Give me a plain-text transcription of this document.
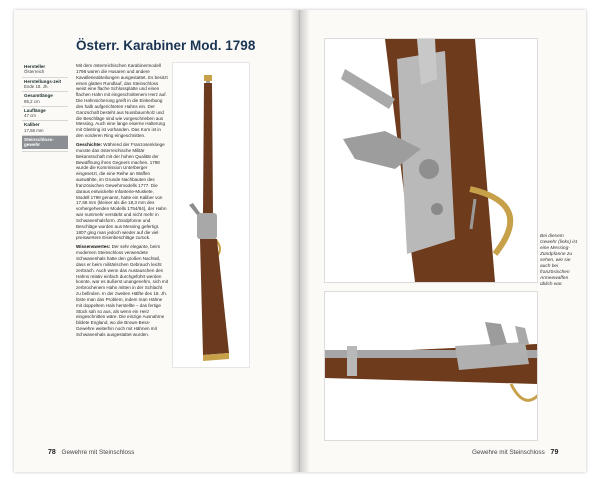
Österr. Karabiner Mod. 1798
Hersteller
Österreich
Herstellungs-zeit
Ende 18. Jh.
Gesamtlänge
85,2 cm
Lauflänge
47 cm
Kaliber
17,68 mm
Steinschloss-gewehr

Mit dem österreichischen Karabinermodell 1798 waren die Husaren und andere Kavallerieabteilungen ausgestattet. Es besitzt einen glatten Rundlauf, das Steinschloss weist eine flache Schlossplatte und einen flachen Hahn mit eingeschnittenem Herz auf. Die Hahnsicherung greift in die Einkerbung des halb aufgerichteten Hahns ein. Der Ganzschaft besteht aus Nussbaumholz und die Beschläge sind wie vorgeschrieben aus Messing. Auch eine lange eiserne Halterung mit Gleitring ist vorhanden. Das Korn ist in den vorderen Ring eingeschnitten.

Geschichte: Während der Franzosenkriege musste das österreichische Militär Bekanntschaft mit der hohen Qualität der Bewaffnung ihres Gegners machen. 1798 wurde die Kommission Unterberger eingesetzt, die eine Reihe an Waffen auswählte, im Grunde Nachbauten des französischen Gewehrmodells 1777. Die daraus entwickelte Infanterie-Muskete, Modell 1798 genannt, hatte ein Kaliber von 17,68 mm (kleiner als die 18,3 mm des vorhergehenden Modells 1754/84), der Hahn war nummehr verstärkt und nicht mehr in Schwanenhalsform. Zündpfonne und Beschläge wurden aus Messing gefertigt. 1807 ging man jedoch wieder auf die viel preiswertere Eisenbeschläge zurück.

Wissenswertes: Der sehr elegante, beim modernen Steinschloss verwendete Schwanenhals hatte den großen Nachteil, dass er beim militärischen Gebrauch leicht zerbrach. Auch wenn das Austauschen des Hahns relativ einfach durchgeführt werden konnte, war es äußerst unangenehm, sich mit zerbrochenem Hahn mitten in der Schlacht zu befinden. In der zweiten Hälfte des 18. Jh. löste man das Problem, indem man Hähne mit doppeltem Hals herstellte – das fertige Stück sah so aus, als wenn ein Herz eingeschnitten wäre. Die einzige Ausnahme bildete England, wo die Brown-Bess-Gewehre weiterhin noch mit Hähnen mit Schwanenhals ausgestattet wurden.

78 Gewehre mit Steinschloss
Bei diesem Gewehr (links) ist eine Messing-Zündpfanne zu sehen, wie sie auch bei französischen Armeewaffen üblich war.
Gewehre mit Steinschloss 79
